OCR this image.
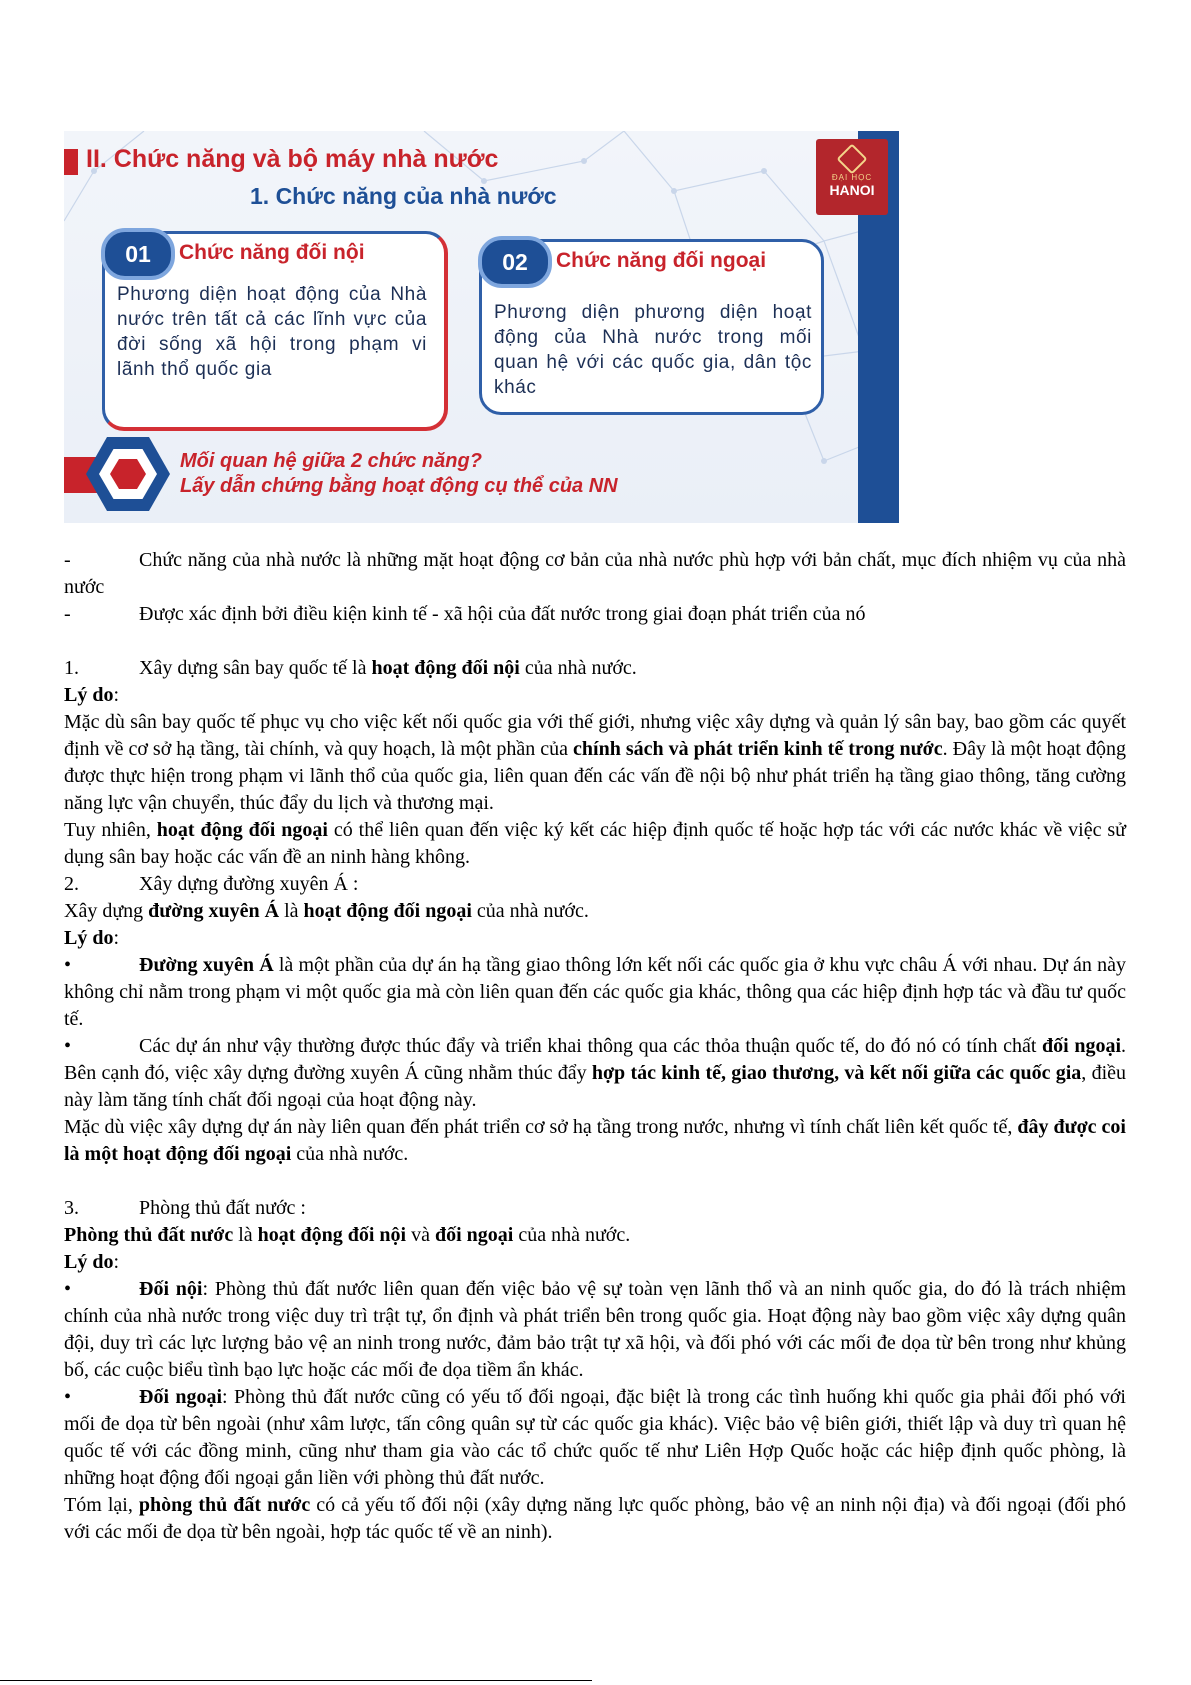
ĐẠI HỌC
HANOI
II. Chức năng và bộ máy nhà nước
1. Chức năng của nhà nước
01	Chức năng đối nội
Phương diện hoạt động của Nhà nước trên tất cả các lĩnh vực của đời sống xã hội trong phạm vi lãnh thổ quốc gia
02	Chức năng đối ngoại
Phương diện phương diện hoạt động của Nhà nước trong mối quan hệ với các quốc gia, dân tộc khác
Mối quan hệ giữa 2 chức năng?
Lấy dẫn chứng bằng hoạt động cụ thể của NN

-	Chức năng của nhà nước là những mặt hoạt động cơ bản của nhà nước phù hợp với bản chất, mục đích nhiệm vụ của nhà nước

-	Được xác định bởi điều kiện kinh tế - xã hội của đất nước trong giai đoạn phát triển của nó

1.	Xây dựng sân bay quốc tế là hoạt động đối nội của nhà nước.

Lý do:

Mặc dù sân bay quốc tế phục vụ cho việc kết nối quốc gia với thế giới, nhưng việc xây dựng và quản lý sân bay, bao gồm các quyết định về cơ sở hạ tầng, tài chính, và quy hoạch, là một phần của chính sách và phát triển kinh tế trong nước. Đây là một hoạt động được thực hiện trong phạm vi lãnh thổ của quốc gia, liên quan đến các vấn đề nội bộ như phát triển hạ tầng giao thông, tăng cường năng lực vận chuyển, thúc đẩy du lịch và thương mại.

Tuy nhiên, hoạt động đối ngoại có thể liên quan đến việc ký kết các hiệp định quốc tế hoặc hợp tác với các nước khác về việc sử dụng sân bay hoặc các vấn đề an ninh hàng không.

2.	Xây dựng đường xuyên Á :

Xây dựng đường xuyên Á là hoạt động đối ngoại của nhà nước.

Lý do:

•	Đường xuyên Á là một phần của dự án hạ tầng giao thông lớn kết nối các quốc gia ở khu vực châu Á với nhau. Dự án này không chỉ nằm trong phạm vi một quốc gia mà còn liên quan đến các quốc gia khác, thông qua các hiệp định hợp tác và đầu tư quốc tế.

•	Các dự án như vậy thường được thúc đẩy và triển khai thông qua các thỏa thuận quốc tế, do đó nó có tính chất đối ngoại. Bên cạnh đó, việc xây dựng đường xuyên Á cũng nhằm thúc đẩy hợp tác kinh tế, giao thương, và kết nối giữa các quốc gia, điều này làm tăng tính chất đối ngoại của hoạt động này.

Mặc dù việc xây dựng dự án này liên quan đến phát triển cơ sở hạ tầng trong nước, nhưng vì tính chất liên kết quốc tế, đây được coi là một hoạt động đối ngoại của nhà nước.

3.	Phòng thủ đất nước :

Phòng thủ đất nước là hoạt động đối nội và đối ngoại của nhà nước.

Lý do:

•	Đối nội: Phòng thủ đất nước liên quan đến việc bảo vệ sự toàn vẹn lãnh thổ và an ninh quốc gia, do đó là trách nhiệm chính của nhà nước trong việc duy trì trật tự, ổn định và phát triển bên trong quốc gia. Hoạt động này bao gồm việc xây dựng quân đội, duy trì các lực lượng bảo vệ an ninh trong nước, đảm bảo trật tự xã hội, và đối phó với các mối đe dọa từ bên trong như khủng bố, các cuộc biểu tình bạo lực hoặc các mối đe dọa tiềm ẩn khác.

•	Đối ngoại: Phòng thủ đất nước cũng có yếu tố đối ngoại, đặc biệt là trong các tình huống khi quốc gia phải đối phó với mối đe dọa từ bên ngoài (như xâm lược, tấn công quân sự từ các quốc gia khác). Việc bảo vệ biên giới, thiết lập và duy trì quan hệ quốc tế với các đồng minh, cũng như tham gia vào các tổ chức quốc tế như Liên Hợp Quốc hoặc các hiệp định quốc phòng, là những hoạt động đối ngoại gắn liền với phòng thủ đất nước.

Tóm lại, phòng thủ đất nước có cả yếu tố đối nội (xây dựng năng lực quốc phòng, bảo vệ an ninh nội địa) và đối ngoại (đối phó với các mối đe dọa từ bên ngoài, hợp tác quốc tế về an ninh).
